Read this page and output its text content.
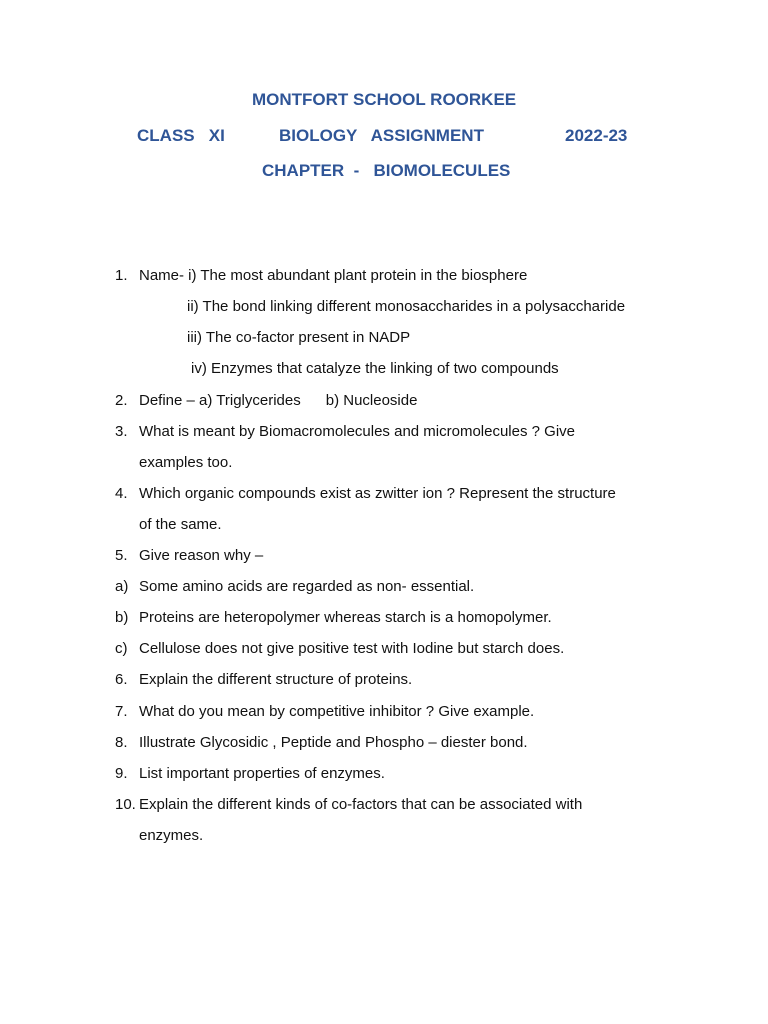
MONTFORT SCHOOL ROORKEE
CLASS   XI	BIOLOGY   ASSIGNMENT	2022-23
CHAPTER  -   BIOMOLECULES
1. Name- i) The most abundant plant protein in the biosphere
ii) The bond linking different monosaccharides in a polysaccharide
iii) The co-factor present in NADP
iv) Enzymes that catalyze the linking of two compounds
2. Define – a) Triglycerides      b) Nucleoside
3. What is meant by Biomacromolecules and micromolecules ? Give
examples too.
4. Which organic compounds exist as zwitter ion ? Represent the structure
of the same.
5. Give reason why –
a) Some amino acids are regarded as non- essential.
b) Proteins are heteropolymer whereas starch is a homopolymer.
c) Cellulose does not give positive test with Iodine but starch does.
6. Explain the different structure of proteins.
7. What do you mean by competitive inhibitor ? Give example.
8. Illustrate Glycosidic , Peptide and Phospho – diester bond.
9. List important properties of enzymes.
10. Explain the different kinds of co-factors that can be associated with
enzymes.
